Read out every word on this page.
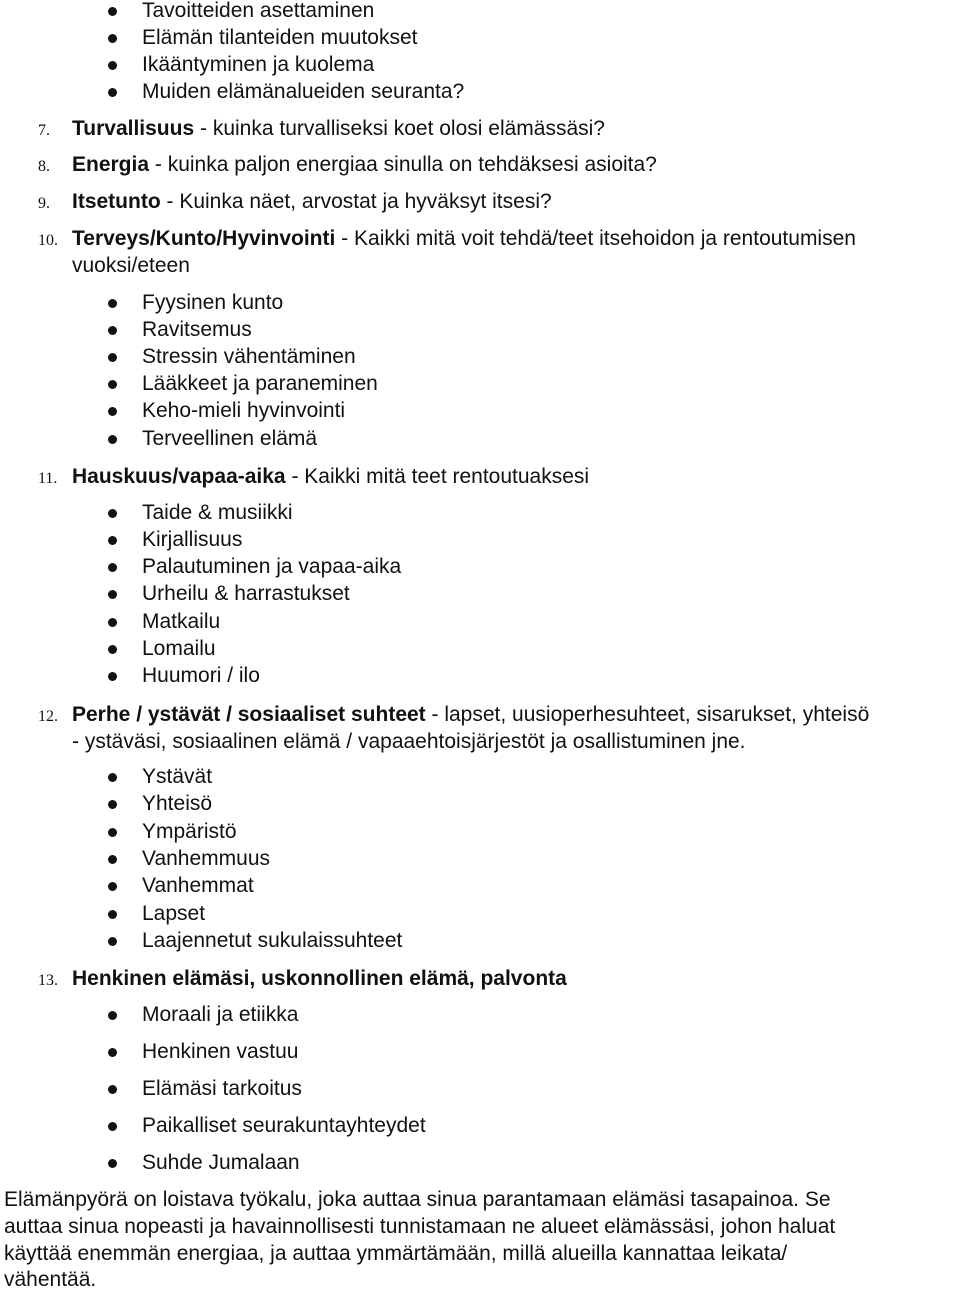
Tavoitteiden asettaminen
Elämän tilanteiden muutokset
Ikääntyminen ja kuolema
Muiden elämänalueiden seuranta?
7. Turvallisuus - kuinka turvalliseksi koet olosi elämässäsi?
8. Energia - kuinka paljon energiaa sinulla on tehdäksesi asioita?
9. Itsetunto - Kuinka näet, arvostat ja hyväksyt itsesi?
10. Terveys/Kunto/Hyvinvointi - Kaikki mitä voit tehdä/teet itsehoidon ja rentoutumisen
vuoksi/eteen
Fyysinen kunto
Ravitsemus
Stressin vähentäminen
Lääkkeet ja paraneminen
Keho-mieli hyvinvointi
Terveellinen elämä
11. Hauskuus/vapaa-aika - Kaikki mitä teet rentoutuaksesi
Taide & musiikki
Kirjallisuus
Palautuminen ja vapaa-aika
Urheilu & harrastukset
Matkailu
Lomailu
Huumori / ilo
12. Perhe / ystävät / sosiaaliset suhteet - lapset, uusioperhesuhteet, sisarukset, yhteisö
- ystäväsi, sosiaalinen elämä / vapaaehtoisjärjestöt ja osallistuminen jne.
Ystävät
Yhteisö
Ympäristö
Vanhemmuus
Vanhemmat
Lapset
Laajennetut sukulaissuhteet
13. Henkinen elämäsi, uskonnollinen elämä, palvonta
Moraali ja etiikka
Henkinen vastuu
Elämäsi tarkoitus
Paikalliset seurakuntayhteydet
Suhde Jumalaan
Elämänpyörä on loistava työkalu, joka auttaa sinua parantamaan elämäsi tasapainoa. Se
auttaa sinua nopeasti ja havainnollisesti tunnistamaan ne alueet elämässäsi, johon haluat
käyttää enemmän energiaa, ja auttaa ymmärtämään, millä alueilla kannattaa leikata/
vähentää.
